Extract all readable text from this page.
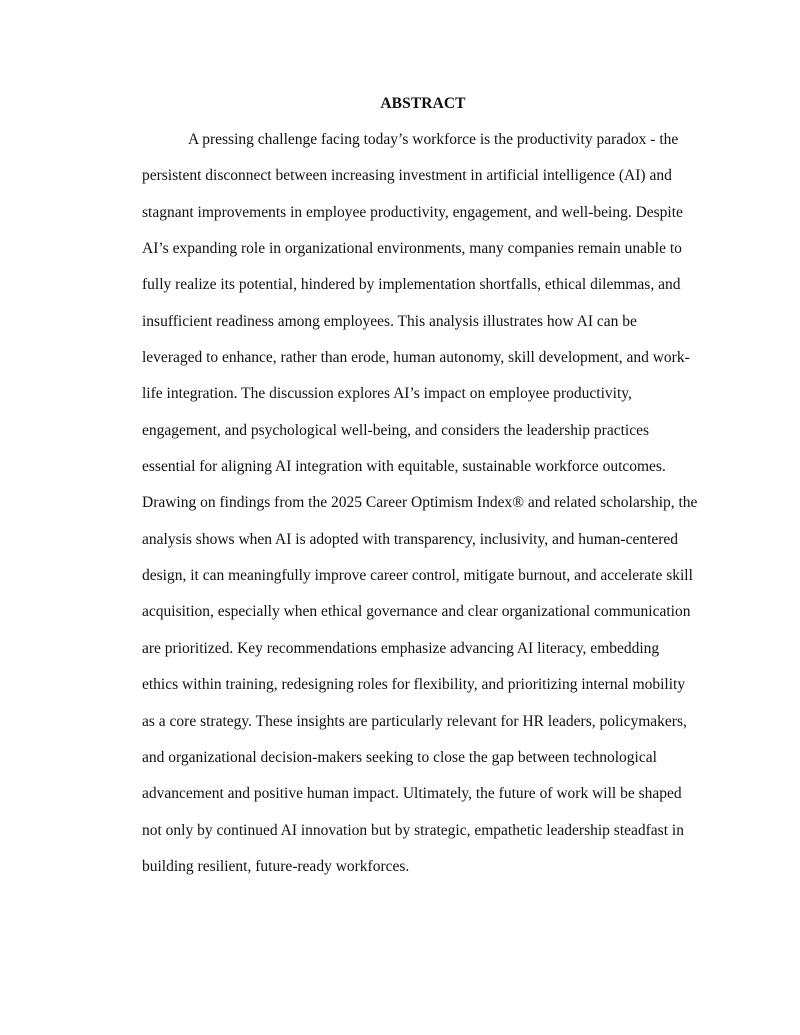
ABSTRACT
A pressing challenge facing today’s workforce is the productivity paradox - the
persistent disconnect between increasing investment in artificial intelligence (AI) and
stagnant improvements in employee productivity, engagement, and well-being. Despite
AI’s expanding role in organizational environments, many companies remain unable to
fully realize its potential, hindered by implementation shortfalls, ethical dilemmas, and
insufficient readiness among employees. This analysis illustrates how AI can be
leveraged to enhance, rather than erode, human autonomy, skill development, and work-
life integration. The discussion explores AI’s impact on employee productivity,
engagement, and psychological well-being, and considers the leadership practices
essential for aligning AI integration with equitable, sustainable workforce outcomes.
Drawing on findings from the 2025 Career Optimism Index® and related scholarship, the
analysis shows when AI is adopted with transparency, inclusivity, and human-centered
design, it can meaningfully improve career control, mitigate burnout, and accelerate skill
acquisition, especially when ethical governance and clear organizational communication
are prioritized. Key recommendations emphasize advancing AI literacy, embedding
ethics within training, redesigning roles for flexibility, and prioritizing internal mobility
as a core strategy. These insights are particularly relevant for HR leaders, policymakers,
and organizational decision-makers seeking to close the gap between technological
advancement and positive human impact. Ultimately, the future of work will be shaped
not only by continued AI innovation but by strategic, empathetic leadership steadfast in
building resilient, future-ready workforces.
